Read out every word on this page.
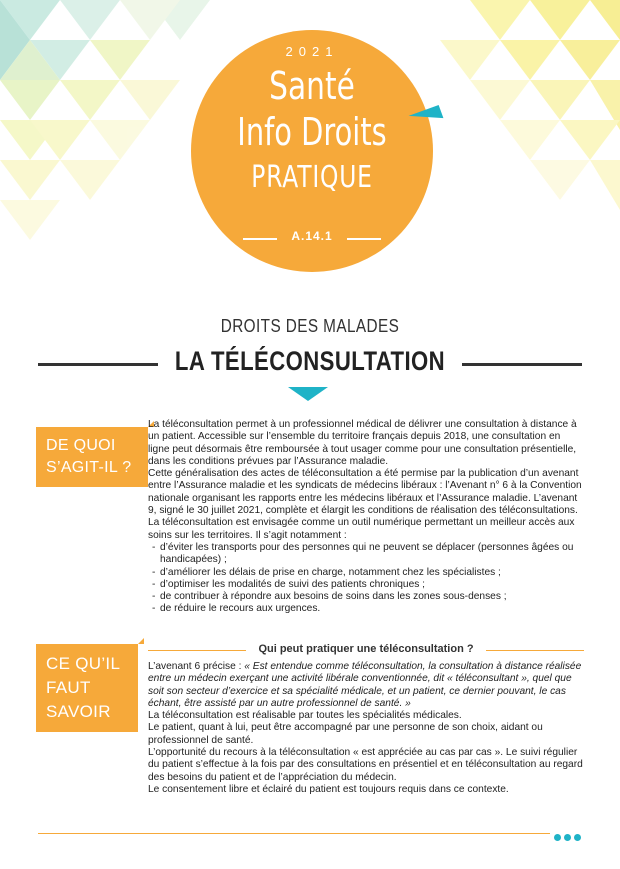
2021
Santé
Info Droits
PRATIQUE
A.14.1
DROITS DES MALADES
LA TÉLÉCONSULTATION
DE QUOI
S’AGIT-IL ?

La téléconsultation permet à un professionnel médical de délivrer une consultation à distance à un patient. Accessible sur l’ensemble du territoire français depuis 2018, une consultation en ligne peut désormais être remboursée à tout usager comme pour une consultation présentielle, dans les conditions prévues par l’Assurance maladie.

Cette généralisation des actes de téléconsultation a été permise par la publication d’un avenant entre l’Assurance maladie et les syndicats de médecins libéraux : l’Avenant n° 6 à la Convention nationale organisant les rapports entre les médecins libéraux et l’Assurance maladie. L’avenant 9, signé le 30 juillet 2021, complète et élargit les conditions de réalisation des téléconsultations.

La téléconsultation est envisagée comme un outil numérique permettant un meilleur accès aux soins sur les territoires. Il s’agit notamment :

- d’éviter les transports pour des personnes qui ne peuvent se déplacer (personnes âgées ou handicapées) ;
- d’améliorer les délais de prise en charge, notamment chez les spécialistes ;
- d’optimiser les modalités de suivi des patients chroniques ;
- de contribuer à répondre aux besoins de soins dans les zones sous-denses ;
- de réduire le recours aux urgences.
CE QU’IL
FAUT
SAVOIR
Qui peut pratiquer une téléconsultation ?

L’avenant 6 précise : « Est entendue comme téléconsultation, la consultation à distance réalisée entre un médecin exerçant une activité libérale conventionnée, dit « téléconsultant », quel que soit son secteur d’exercice et sa spécialité médicale, et un patient, ce dernier pouvant, le cas échant, être assisté par un autre professionnel de santé. »

La téléconsultation est réalisable par toutes les spécialités médicales.

Le patient, quant à lui, peut être accompagné par une personne de son choix, aidant ou professionnel de santé.

L’opportunité du recours à la téléconsultation « est appréciée au cas par cas ». Le suivi régulier du patient s’effectue à la fois par des consultations en présentiel et en téléconsultation au regard des besoins du patient et de l’appréciation du médecin.

Le consentement libre et éclairé du patient est toujours requis dans ce contexte.
